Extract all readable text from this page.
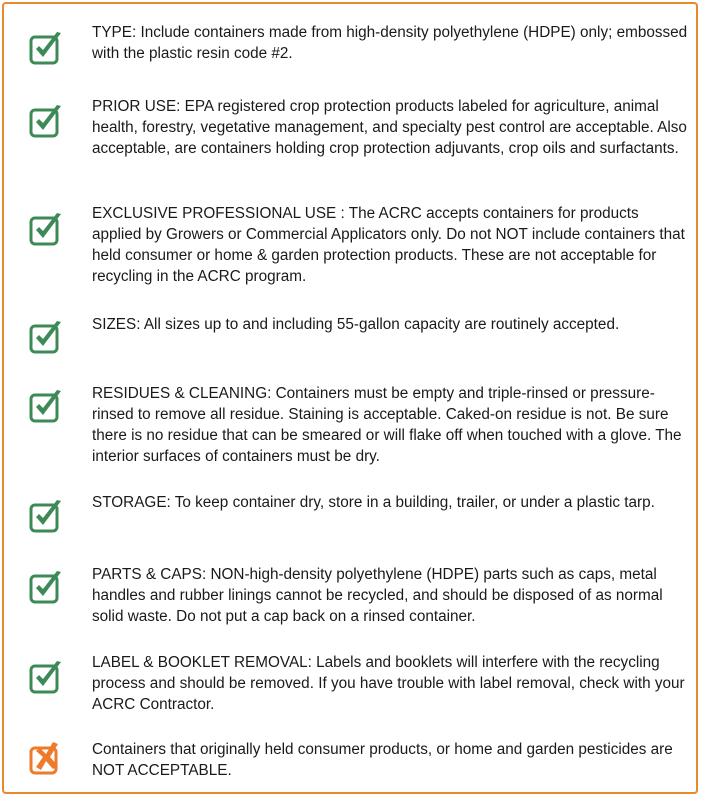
TYPE: Include containers made from high-density polyethylene (HDPE) only; embossed with the plastic resin code #2.

PRIOR USE: EPA registered crop protection products labeled for agriculture, animal health, forestry, vegetative management, and specialty pest control are acceptable. Also acceptable, are containers holding crop protection adjuvants, crop oils and surfactants.

EXCLUSIVE PROFESSIONAL USE : The ACRC accepts containers for products applied by Growers or Commercial Applicators only. Do not NOT include containers that held consumer or home & garden protection products. These are not acceptable for recycling in the ACRC program.

SIZES: All sizes up to and including 55-gallon capacity are routinely accepted.

RESIDUES & CLEANING: Containers must be empty and triple-rinsed or pressure-rinsed to remove all residue. Staining is acceptable. Caked-on residue is not. Be sure there is no residue that can be smeared or will flake off when touched with a glove. The interior surfaces of containers must be dry.

STORAGE: To keep container dry, store in a building, trailer, or under a plastic tarp.

PARTS & CAPS: NON-high-density polyethylene (HDPE) parts such as caps, metal handles and rubber linings cannot be recycled, and should be disposed of as normal solid waste. Do not put a cap back on a rinsed container.

LABEL & BOOKLET REMOVAL: Labels and booklets will interfere with the recycling process and should be removed. If you have trouble with label removal, check with your ACRC Contractor.

Containers that originally held consumer products, or home and garden pesticides are NOT ACCEPTABLE.
